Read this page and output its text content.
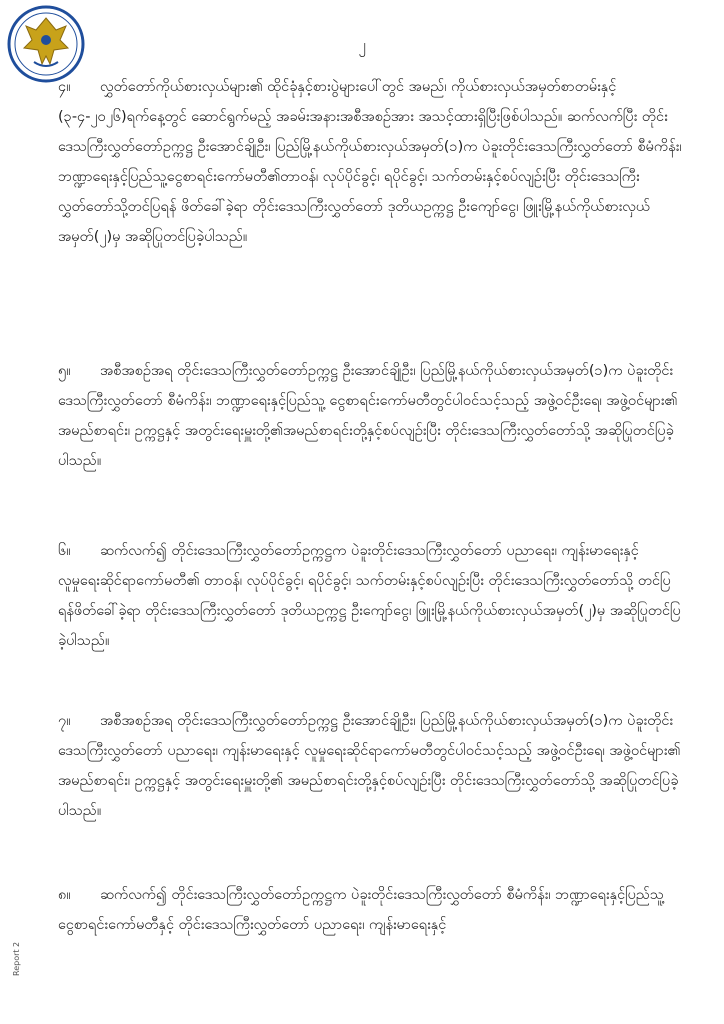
၂

၄။ လွှတ်တော်ကိုယ်စားလှယ်များ၏ ထိုင်ခုံနှင့်စားပွဲများပေါ်တွင် အမည်၊ ကိုယ်စားလှယ်အမှတ်စာတမ်းနှင့် (၃-၄-၂၀၂၆)ရက်နေ့တွင် ဆောင်ရွက်မည့် အခမ်းအနားအစီအစဉ်အား အသင့်ထားရှိပြီးဖြစ်ပါသည်။ ဆက်လက်ပြီး တိုင်းဒေသကြီးလွှတ်တော်ဥက္ကဋ္ဌ ဦးအောင်ချိုဦး၊ ပြည်မြို့နယ်ကိုယ်စားလှယ်အမှတ်(၁)က ပဲခူးတိုင်းဒေသကြီးလွှတ်တော် စီမံကိန်း၊ ဘဏ္ဍာရေးနှင့်ပြည်သူ့ငွေစာရင်းကော်မတီ၏တာဝန်၊ လုပ်ပိုင်ခွင့်၊ ရပိုင်ခွင့်၊ သက်တမ်းနှင့်စပ်လျဉ်းပြီး တိုင်းဒေသကြီးလွှတ်တော်သို့တင်ပြရန် ဖိတ်ခေါ်ခဲ့ရာ တိုင်းဒေသကြီးလွှတ်တော် ဒုတိယဥက္ကဋ္ဌ ဦးကျော်ငွေ၊ ဖြူးမြို့နယ်ကိုယ်စားလှယ်အမှတ်(၂)မှ အဆိုပြုတင်ပြခဲ့ပါသည်။

၅။ အစီအစဉ်အရ တိုင်းဒေသကြီးလွှတ်တော်ဥက္ကဋ္ဌ ဦးအောင်ချိုဦး၊ ပြည်မြို့နယ်ကိုယ်စားလှယ်အမှတ်(၁)က ပဲခူးတိုင်းဒေသကြီးလွှတ်တော် စီမံကိန်း၊ ဘဏ္ဍာရေးနှင့်ပြည်သူ့ ငွေစာရင်းကော်မတီတွင်ပါဝင်သင့်သည့် အဖွဲ့ဝင်ဦးရေ၊ အဖွဲ့ဝင်များ၏ အမည်စာရင်း၊ ဥက္ကဋ္ဌနှင့် အတွင်းရေးမှူးတို့၏အမည်စာရင်းတို့နှင့်စပ်လျဉ်းပြီး တိုင်းဒေသကြီးလွှတ်တော်သို့ အဆိုပြုတင်ပြခဲ့ပါသည်။

၆။ ဆက်လက်၍ တိုင်းဒေသကြီးလွှတ်တော်ဥက္ကဋ္ဌက ပဲခူးတိုင်းဒေသကြီးလွှတ်တော် ပညာရေး၊ ကျန်းမာရေးနှင့် လူမှုရေးဆိုင်ရာကော်မတီ၏ တာဝန်၊ လုပ်ပိုင်ခွင့်၊ ရပိုင်ခွင့်၊ သက်တမ်းနှင့်စပ်လျဉ်းပြီး တိုင်းဒေသကြီးလွှတ်တော်သို့ တင်ပြရန်ဖိတ်ခေါ်ခဲ့ရာ တိုင်းဒေသကြီးလွှတ်တော် ဒုတိယဥက္ကဋ္ဌ ဦးကျော်ငွေ၊ ဖြူးမြို့နယ်ကိုယ်စားလှယ်အမှတ်(၂)မှ အဆိုပြုတင်ပြခဲ့ပါသည်။

၇။ အစီအစဉ်အရ တိုင်းဒေသကြီးလွှတ်တော်ဥက္ကဋ္ဌ ဦးအောင်ချိုဦး၊ ပြည်မြို့နယ်ကိုယ်စားလှယ်အမှတ်(၁)က ပဲခူးတိုင်းဒေသကြီးလွှတ်တော် ပညာရေး၊ ကျန်းမာရေးနှင့် လူမှုရေးဆိုင်ရာကော်မတီတွင်ပါဝင်သင့်သည့် အဖွဲ့ဝင်ဦးရေ၊ အဖွဲ့ဝင်များ၏ အမည်စာရင်း၊ ဥက္ကဋ္ဌနှင့် အတွင်းရေးမှူးတို့၏ အမည်စာရင်းတို့နှင့်စပ်လျဉ်းပြီး တိုင်းဒေသကြီးလွှတ်တော်သို့ အဆိုပြုတင်ပြခဲ့ပါသည်။

၈။ ဆက်လက်၍ တိုင်းဒေသကြီးလွှတ်တော်ဥက္ကဋ္ဌက ပဲခူးတိုင်းဒေသကြီးလွှတ်တော် စီမံကိန်း၊ ဘဏ္ဍာရေးနှင့်ပြည်သူ့ငွေစာရင်းကော်မတီနှင့် တိုင်းဒေသကြီးလွှတ်တော် ပညာရေး၊ ကျန်းမာရေးနှင့်

Report 2
